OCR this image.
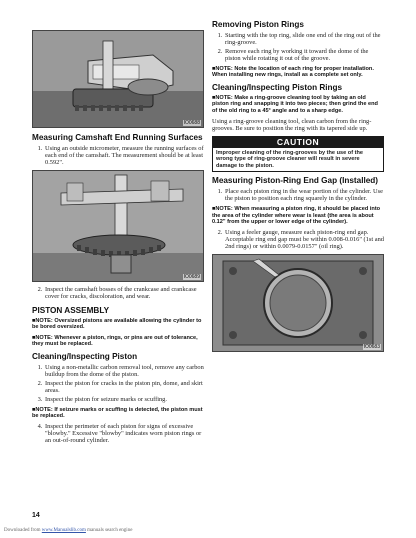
IO0688
Measuring Camshaft End Running Surfaces
1. Using an outside micrometer, measure the running surfaces of each end of the camshaft. The measurement should be at least 0.592".
IO0689
2. Inspect the camshaft bosses of the crankcase and crankcase cover for cracks, discoloration, and wear.
PISTON ASSEMBLY
■NOTE: Oversized pistons are available allowing the cylinder to be bored oversized.
■NOTE: Whenever a piston, rings, or pins are out of tolerance, they must be replaced.
Cleaning/Inspecting Piston
1. Using a non-metallic carbon removal tool, remove any carbon buildup from the dome of the piston.
2. Inspect the piston for cracks in the piston pin, dome, and skirt areas.
3. Inspect the piston for seizure marks or scuffing.
■NOTE: If seizure marks or scuffing is detected, the piston must be replaced.
4. Inspect the perimeter of each piston for signs of excessive "blowby." Excessive "blowby" indicates worn piston rings or an out-of-round cylinder.
Removing Piston Rings
1. Starting with the top ring, slide one end of the ring out of the ring-groove.
2. Remove each ring by working it toward the dome of the piston while rotating it out of the groove.
■NOTE: Note the location of each ring for proper installation. When installing new rings, install as a complete set only.
Cleaning/Inspecting Piston Rings
■NOTE: Make a ring-groove cleaning tool by taking an old piston ring and snapping it into two pieces; then grind the end of the old ring to a 45° angle and to a sharp edge.

Using a ring-groove cleaning tool, clean carbon from the ring-grooves. Be sure to position the ring with its tapered side up.

CAUTION
Improper cleaning of the ring-grooves by the use of the wrong type of ring-groove cleaner will result in severe damage to the piston.
Measuring Piston-Ring End Gap (Installed)
1. Place each piston ring in the wear portion of the cylinder. Use the piston to position each ring squarely in the cylinder.
■NOTE: When measuring a piston ring, it should be placed into the area of the cylinder where wear is least (the area is about 0.12" from the upper or lower edge of the cylinder).
2. Using a feeler gauge, measure each piston-ring end gap. Acceptable ring end gap must be within 0.008-0.016" (1st and 2nd rings) or within 0.0079-0.0157" (oil ring).
IO0683
14
Downloaded from www.Manualslib.com manuals search engine
